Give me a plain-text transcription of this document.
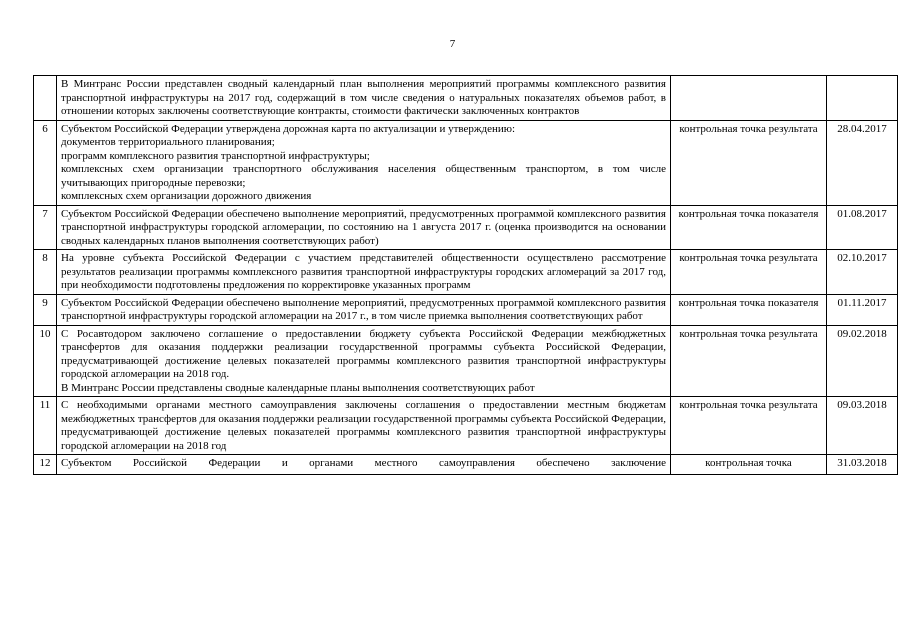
7

	В Минтранс России представлен сводный календарный план выполнения мероприятий программы комплексного развития транспортной инфраструктуры на 2017 год, содержащий в том числе сведения о натуральных показателях объемов работ, в отношении которых заключены соответствующие контракты, стоимости фактически заключенных контрактов		

6	Субъектом Российской Федерации утверждена дорожная карта по актуализации и утверждению:

документов территориального планирования;

программ комплексного развития транспортной инфраструктуры;

комплексных схем организации транспортного обслуживания населения общественным транспортом, в том числе учитывающих пригородные перевозки;

комплексных схем организации дорожного движения	контрольная точка результата	28.04.2017
7	Субъектом Российской Федерации обеспечено выполнение мероприятий, предусмотренных программой комплексного развития транспортной инфраструктуры городской агломерации, по состоянию на 1 августа 2017 г. (оценка производится на основании сводных календарных планов выполнения соответствующих работ)	контрольная точка показателя	01.08.2017
8	На уровне субъекта Российской Федерации с участием представителей общественности осуществлено рассмотрение результатов реализации программы комплексного развития транспортной инфраструктуры городских агломераций за 2017 год, при необходимости подготовлены предложения по корректировке указанных программ	контрольная точка результата	02.10.2017
9	Субъектом Российской Федерации обеспечено выполнение мероприятий, предусмотренных программой комплексного развития транспортной инфраструктуры городской агломерации на 2017 г., в том числе приемка выполнения соответствующих работ	контрольная точка показателя	01.11.2017
10	С Росавтодором заключено соглашение о предоставлении бюджету субъекта Российской Федерации межбюджетных трансфертов для оказания поддержки реализации государственной программы субъекта Российской Федерации, предусматривающей достижение целевых показателей программы комплексного развития транспортной инфраструктуры городской агломерации на 2018 год.

В Минтранс России представлены сводные календарные планы выполнения соответствующих работ	контрольная точка результата	09.02.2018
11	С необходимыми органами местного самоуправления заключены соглашения о предоставлении местным бюджетам межбюджетных трансфертов для оказания поддержки реализации государственной программы субъекта Российской Федерации, предусматривающей достижение целевых показателей программы комплексного развития транспортной инфраструктуры городской агломерации на 2018 год	контрольная точка результата	09.03.2018
12	Субъектом Российской Федерации и органами местного самоуправления обеспечено заключение	контрольная точка	31.03.2018
